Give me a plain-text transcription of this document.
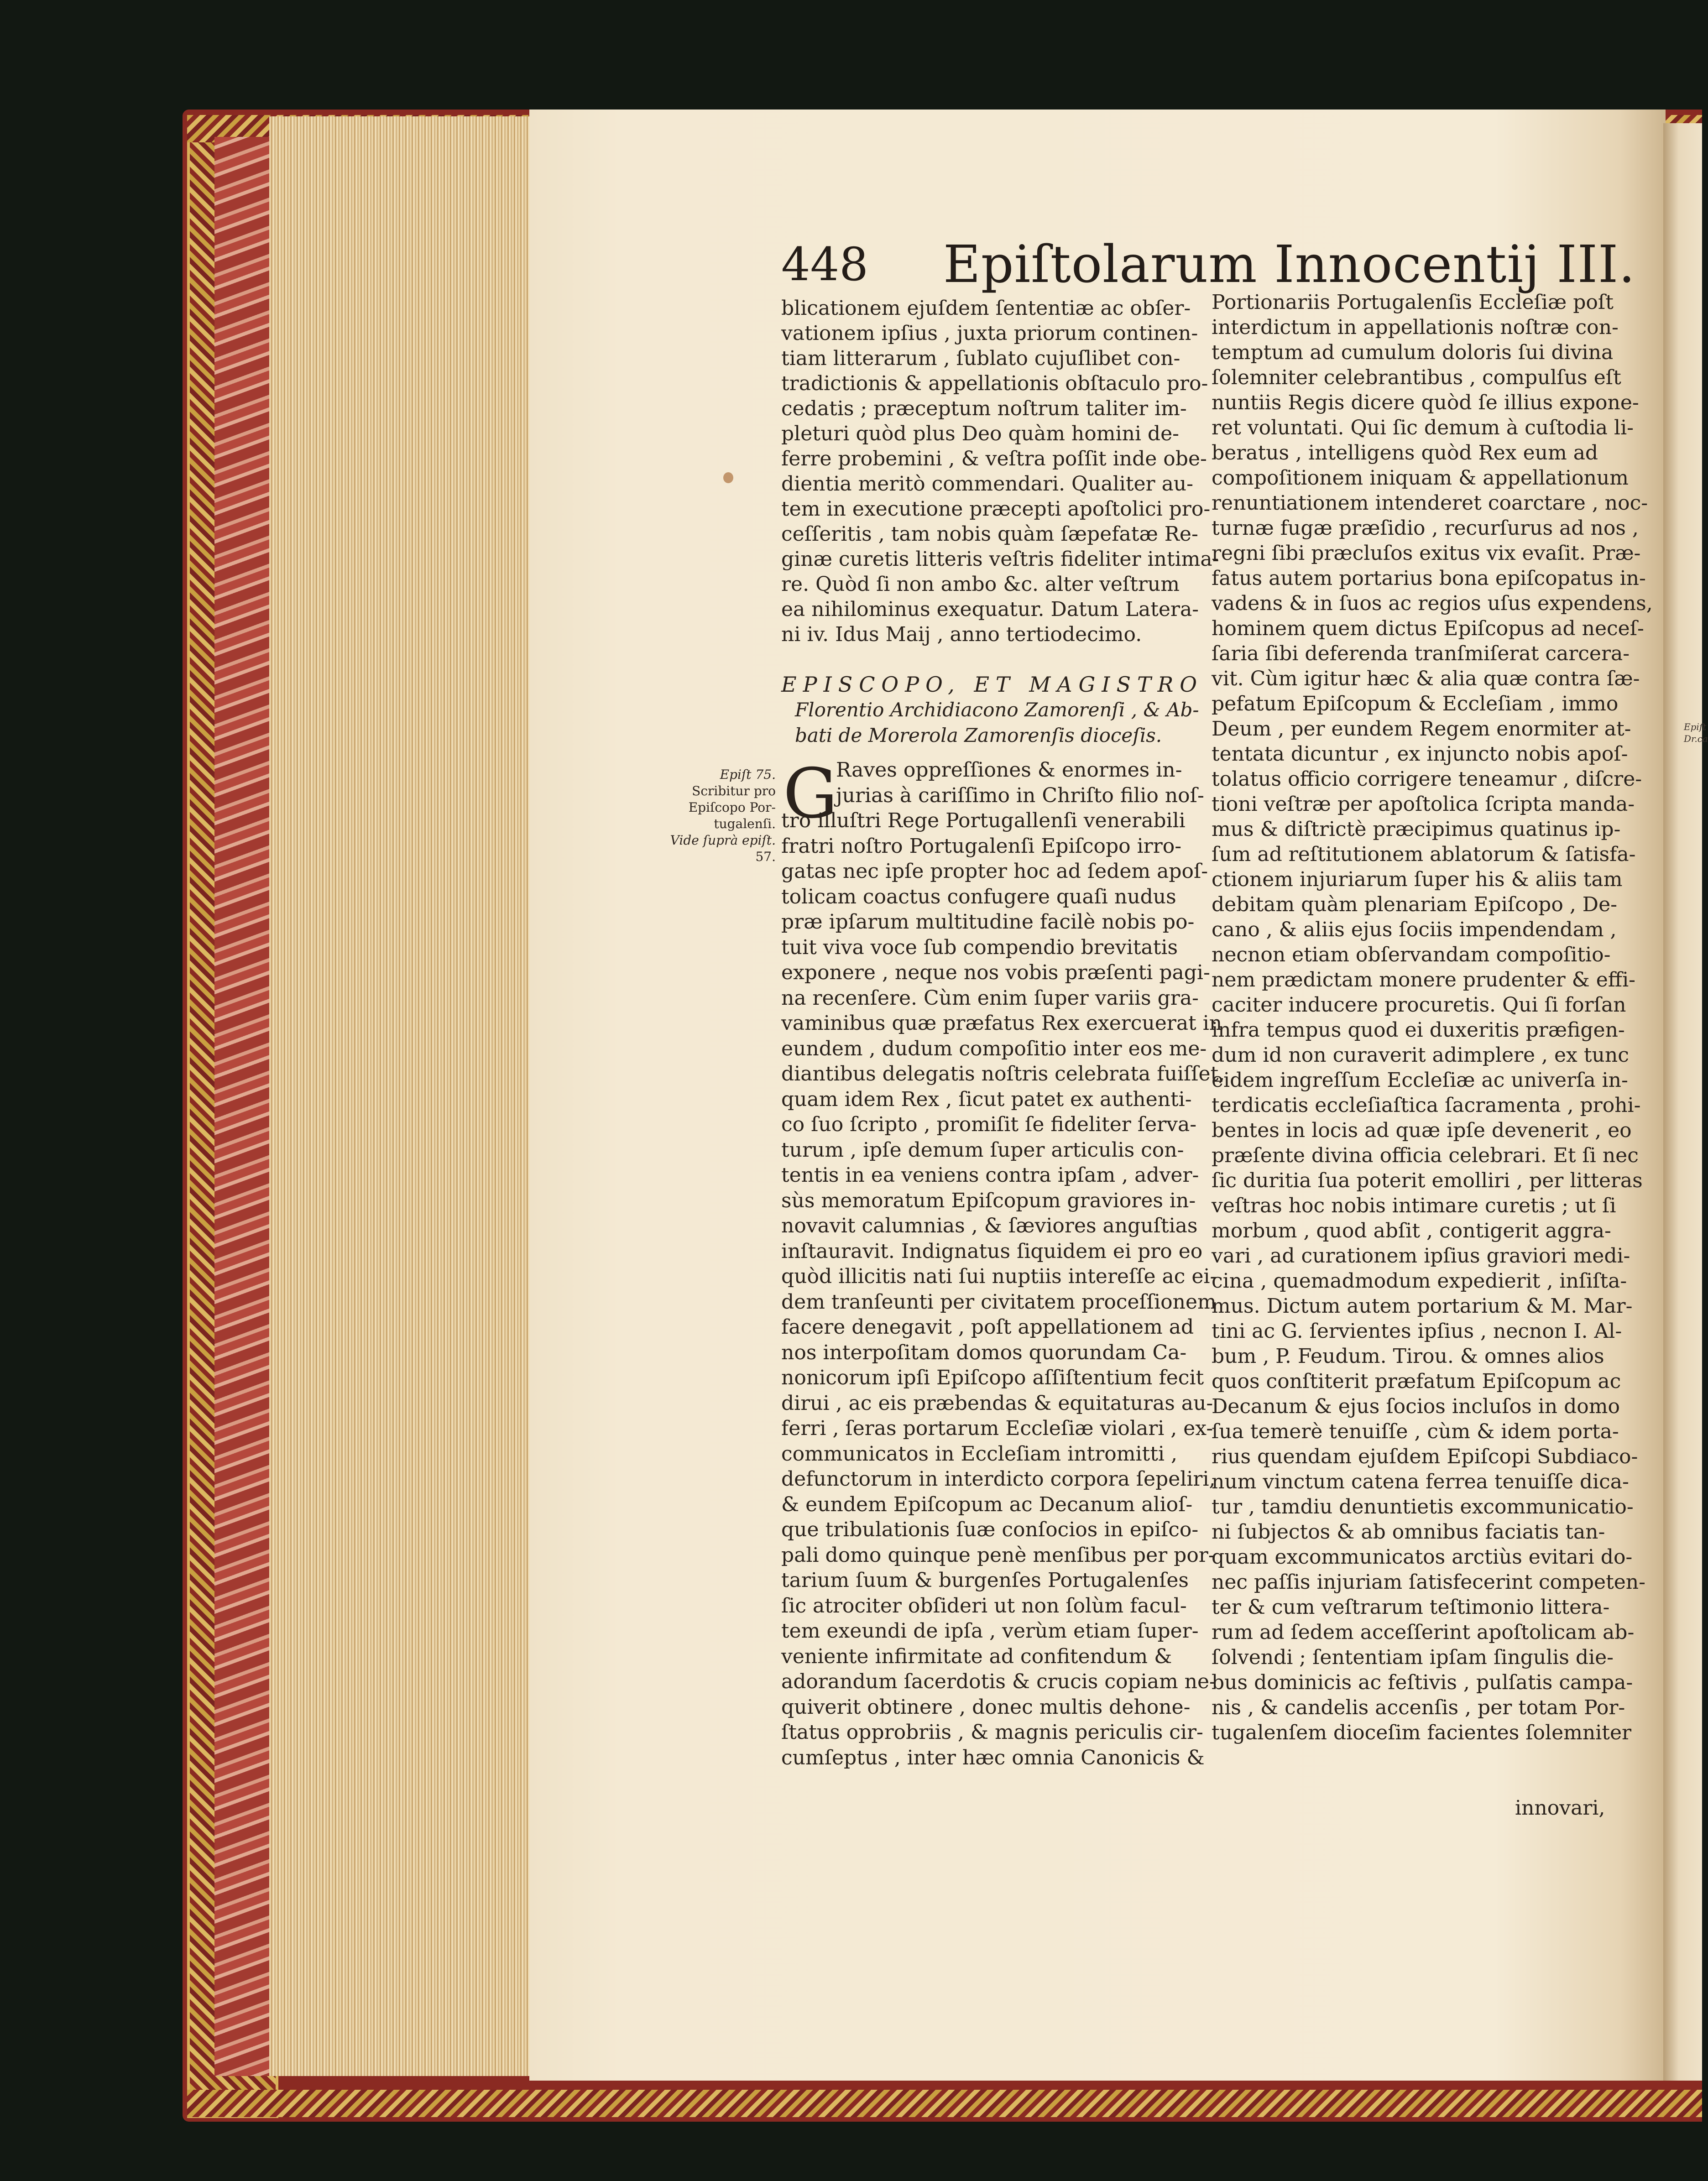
Epiſt
Dr.ca
448 Epiſtolarum Innocentij III.
blicationem ejuſdem ſententiæ ac obſer-
vationem ipſius , juxta priorum continen-
tiam litterarum , ſublato cujuſlibet con-
tradictionis & appellationis obſtaculo pro-
cedatis ; præceptum noſtrum taliter im-
pleturi quòd plus Deo quàm homini de-
ferre probemini , & veſtra poſſit inde obe-
dientia meritò commendari. Qualiter au-
tem in executione præcepti apoſtolici pro-
ceſſeritis , tam nobis quàm ſæpefatæ Re-
ginæ curetis litteris veſtris fideliter intima-
re. Quòd ſi non ambo &c. alter veſtrum
ea nihilominus exequatur. Datum Latera-
ni iv. Idus Maij , anno tertiodecimo.
EPISCOPO, ET MAGISTRO
Florentio Archidiacono Zamorenſi , & Ab-
bati de Morerola Zamorenſis dioceſis.
Epiſt 75.
Scribitur pro
Epiſcopo Por-
tugalenſi.
Vide ſuprà epiſt.
57.
G
Raves oppreſſiones & enormes in-
jurias à cariſſimo in Chriſto filio noſ-
tro illuſtri Rege Portugallenſi venerabili
fratri noſtro Portugalenſi Epiſcopo irro-
gatas nec ipſe propter hoc ad ſedem apoſ-
tolicam coactus confugere quaſi nudus
præ ipſarum multitudine facilè nobis po-
tuit viva voce ſub compendio brevitatis
exponere , neque nos vobis præſenti pagi-
na recenſere. Cùm enim ſuper variis gra-
vaminibus quæ præfatus Rex exercuerat in
eundem , dudum compoſitio inter eos me-
diantibus delegatis noſtris celebrata fuiſſet,
quam idem Rex , ſicut patet ex authenti-
co ſuo ſcripto , promiſit ſe fideliter ſerva-
turum , ipſe demum ſuper articulis con-
tentis in ea veniens contra ipſam , adver-
sùs memoratum Epiſcopum graviores in-
novavit calumnias , & ſæviores anguſtias
inſtauravit. Indignatus ſiquidem ei pro eo
quòd illicitis nati ſui nuptiis intereſſe ac ei-
dem tranſeunti per civitatem proceſſionem
facere denegavit , poſt appellationem ad
nos interpoſitam domos quorundam Ca-
nonicorum ipſi Epiſcopo aſſiſtentium fecit
dirui , ac eis præbendas & equitaturas au-
ferri , ſeras portarum Eccleſiæ violari , ex-
communicatos in Eccleſiam intromitti ,
defunctorum in interdicto corpora ſepeliri,
& eundem Epiſcopum ac Decanum alioſ-
que tribulationis ſuæ conſocios in epiſco-
pali domo quinque penè menſibus per por-
tarium ſuum & burgenſes Portugalenſes
ſic atrociter obſideri ut non ſolùm facul-
tem exeundi de ipſa , verùm etiam ſuper-
veniente infirmitate ad confitendum &
adorandum ſacerdotis & crucis copiam ne-
quiverit obtinere , donec multis dehone-
ſtatus opprobriis , & magnis periculis cir-
cumſeptus , inter hæc omnia Canonicis &
Portionariis Portugalenſis Eccleſiæ poſt
interdictum in appellationis noſtræ con-
temptum ad cumulum doloris ſui divina
ſolemniter celebrantibus , compulſus eſt
nuntiis Regis dicere quòd ſe illius expone-
ret voluntati. Qui ſic demum à cuſtodia li-
beratus , intelligens quòd Rex eum ad
compoſitionem iniquam & appellationum
renuntiationem intenderet coarctare , noc-
turnæ fugæ præſidio , recurſurus ad nos ,
regni ſibi præcluſos exitus vix evaſit. Præ-
fatus autem portarius bona epiſcopatus in-
vadens & in ſuos ac regios uſus expendens,
hominem quem dictus Epiſcopus ad neceſ-
ſaria ſibi deferenda tranſmiſerat carcera-
vit. Cùm igitur hæc & alia quæ contra ſæ-
pefatum Epiſcopum & Eccleſiam , immo
Deum , per eundem Regem enormiter at-
tentata dicuntur , ex injuncto nobis apoſ-
tolatus officio corrigere teneamur , diſcre-
tioni veſtræ per apoſtolica ſcripta manda-
mus & diſtrictè præcipimus quatinus ip-
ſum ad reſtitutionem ablatorum & ſatisfa-
ctionem injuriarum ſuper his & aliis tam
debitam quàm plenariam Epiſcopo , De-
cano , & aliis ejus ſociis impendendam ,
necnon etiam obſervandam compoſitio-
nem prædictam monere prudenter & effi-
caciter inducere procuretis. Qui ſi forſan
infra tempus quod ei duxeritis præfigen-
dum id non curaverit adimplere , ex tunc
eidem ingreſſum Eccleſiæ ac univerſa in-
terdicatis eccleſiaſtica ſacramenta , prohi-
bentes in locis ad quæ ipſe devenerit , eo
præſente divina officia celebrari. Et ſi nec
ſic duritia ſua poterit emolliri , per litteras
veſtras hoc nobis intimare curetis ; ut ſi
morbum , quod abſit , contigerit aggra-
vari , ad curationem ipſius graviori medi-
cina , quemadmodum expedierit , inſiſta-
mus. Dictum autem portarium & M. Mar-
tini ac G. ſervientes ipſius , necnon I. Al-
bum , P. Feudum. Tirou. & omnes alios
quos conſtiterit præfatum Epiſcopum ac
Decanum & ejus ſocios incluſos in domo
ſua temerè tenuiſſe , cùm & idem porta-
rius quendam ejuſdem Epiſcopi Subdiaco-
num vinctum catena ferrea tenuiſſe dica-
tur , tamdiu denuntietis excommunicatio-
ni ſubjectos & ab omnibus faciatis tan-
quam excommunicatos arctiùs evitari do-
nec paſſis injuriam ſatisfecerint competen-
ter & cum veſtrarum teſtimonio littera-
rum ad ſedem acceſſerint apoſtolicam ab-
ſolvendi ; ſententiam ipſam ſingulis die-
bus dominicis ac feſtivis , pulſatis campa-
nis , & candelis accenſis , per totam Por-
tugalenſem dioceſim facientes ſolemniter
innovari,
